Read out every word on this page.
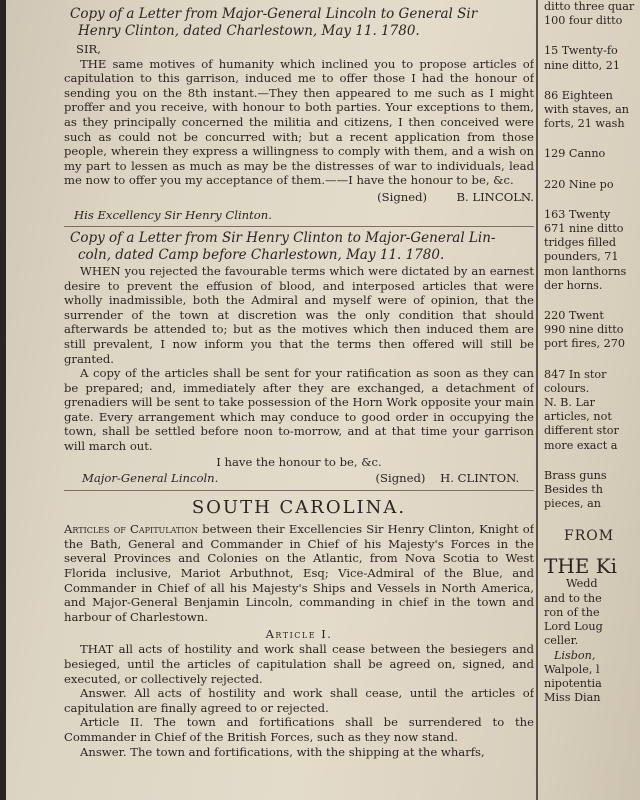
Copy of a Letter from Major-General Lincoln to General Sir
Henry Clinton, dated Charlestown, May 11. 1780.
SIR,

THE same motives of humanity which inclined you to propose articles of capitulation to this garrison, induced me to offer those I had the honour of sending you on the 8th instant.—They then appeared to me such as I might proffer and you receive, with honour to both parties. Your exceptions to them, as they principally concerned the militia and citizens, I then conceived were such as could not be concurred with; but a recent application from those people, wherein they express a willingness to comply with them, and a wish on my part to lessen as much as may be the distresses of war to individuals, lead me now to offer you my acceptance of them.——I have the honour to be, &c.

(Signed)	B. LINCOLN.
His Excellency Sir Henry Clinton.
Copy of a Letter from Sir Henry Clinton to Major-General Lin-
coln, dated Camp before Charlestown, May 11. 1780.

WHEN you rejected the favourable terms which were dictated by an earnest desire to prevent the effusion of blood, and interposed articles that were wholly inadmissible, both the Admiral and myself were of opinion, that the surrender of the town at discretion was the only condition that should afterwards be attended to; but as the motives which then induced them are still prevalent, I now inform you that the terms then offered will still be granted.

A copy of the articles shall be sent for your ratification as soon as they can be prepared; and, immediately after they are exchanged, a detachment of grenadiers will be sent to take possession of the Horn Work opposite your main gate. Every arrangement which may conduce to good order in occupying the town, shall be settled before noon to-morrow, and at that time your garrison will march out.

I have the honour to be, &c.
Major-General Lincoln.	(Signed) H. CLINTON.
SOUTH CAROLINA.

Articles of Capitulation between their Excellencies Sir Henry Clinton, Knight of the Bath, General and Commander in Chief of his Majesty's Forces in the several Provinces and Colonies on the Atlantic, from Nova Scotia to West Florida inclusive, Mariot Arbuthnot, Esq; Vice-Admiral of the Blue, and Commander in Chief of all his Majesty's Ships and Vessels in North America, and Major-General Benjamin Lincoln, commanding in chief in the town and harbour of Charlestown.

Article I.

THAT all acts of hostility and work shall cease between the besiegers and besieged, until the articles of capitulation shall be agreed on, signed, and executed, or collectively rejected.

Answer. All acts of hostility and work shall cease, until the articles of capitulation are finally agreed to or rejected.

Article II. The town and fortifications shall be surrendered to the Commander in Chief of the British Forces, such as they now stand.

Answer. The town and fortifications, with the shipping at the wharfs,

ditto three quar
100 four ditto
15 Twenty-fo
nine ditto, 21
86 Eighteen
with staves, an
forts, 21 wash
129 Canno
220 Nine po
163 Twenty
671 nine ditto
tridges filled
pounders, 71
mon lanthorns
der horns.
220 Twent
990 nine ditto
port fires, 270
847 In stor
colours.
N. B. Lar
articles, not
different stor
more exact a
Brass guns
Besides th
pieces, an
FROM
THE Ki
Wedd
and to the
ron of the
Lord Loug
celler.
Lisbon,
Walpole, l
nipotentia
Miss Dian
